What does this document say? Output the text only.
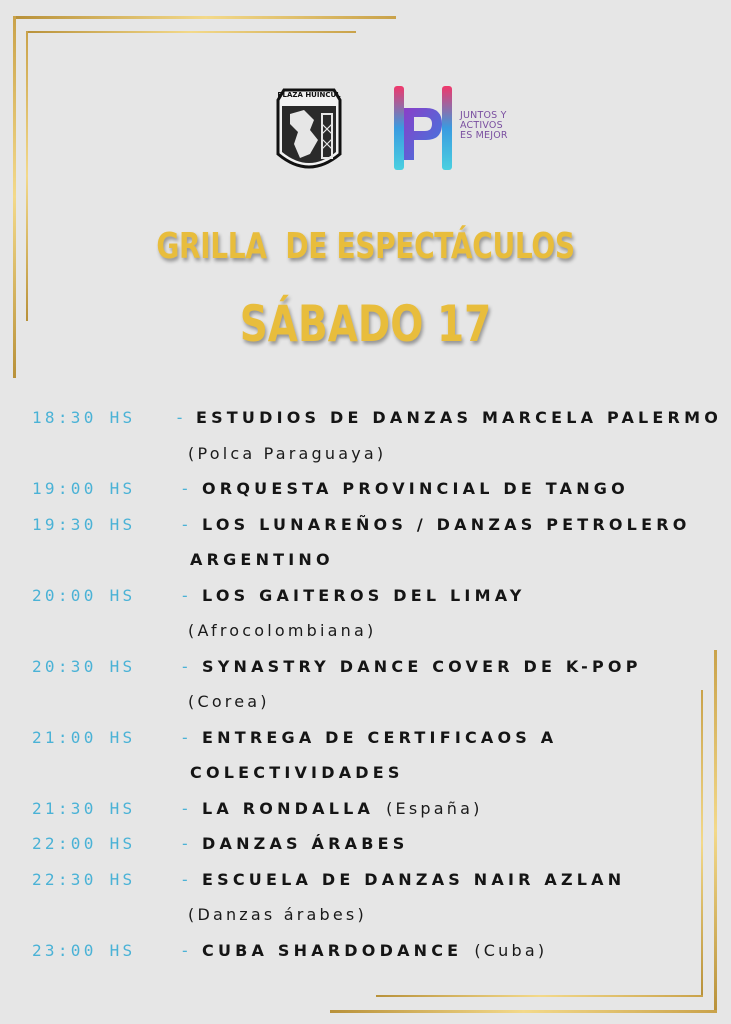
PLAZA HUINCUL
JUNTOS Y
ACTIVOS
ES MEJOR
GRILLA  DE ESPECTÁCULOS
SÁBADO 17
18:30 HS	- ESTUDIOS DE DANZAS MARCELA PALERMO
(Polca Paraguaya)
19:00 HS	- ORQUESTA PROVINCIAL DE TANGO
19:30 HS	- LOS LUNAREÑOS / DANZAS PETROLERO
ARGENTINO
20:00 HS	- LOS GAITEROS DEL LIMAY
(Afrocolombiana)
20:30 HS	- SYNASTRY DANCE COVER DE K-POP
(Corea)
21:00 HS	- ENTREGA DE CERTIFICAOS A
COLECTIVIDADES
21:30 HS	- LA RONDALLA (España)
22:00 HS	- DANZAS ÁRABES
22:30 HS	- ESCUELA DE DANZAS NAIR AZLAN
(Danzas árabes)
23:00 HS	- CUBA SHARDODANCE (Cuba)
